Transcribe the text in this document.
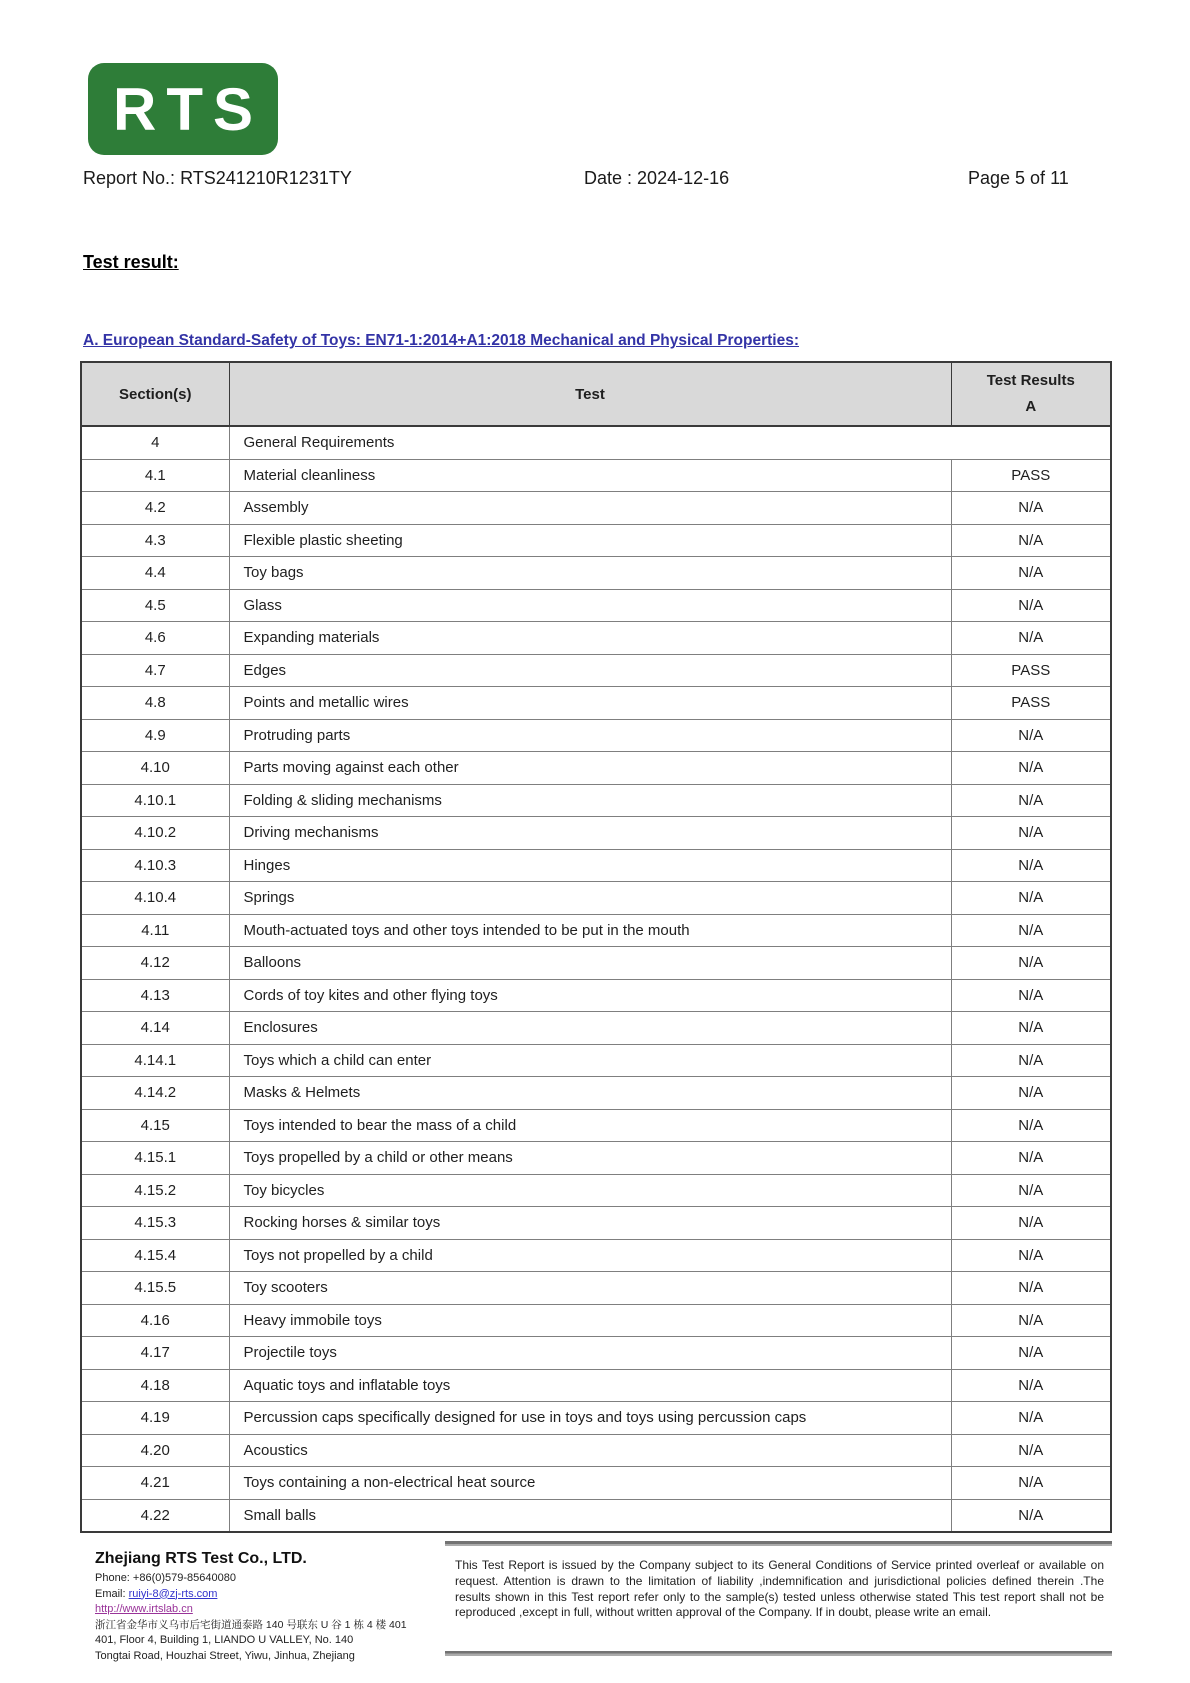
RTS
Report No.: RTS241210R1231TY	Date : 2024-12-16	Page 5 of 11
Test result:
A. European Standard-Safety of Toys: EN71-1:2014+A1:2018 Mechanical and Physical Properties:
Section(s)	Test	Test Results
A

4	General Requirements	
4.1	Material cleanliness	PASS
4.2	Assembly	N/A
4.3	Flexible plastic sheeting	N/A
4.4	Toy bags	N/A
4.5	Glass	N/A
4.6	Expanding materials	N/A
4.7	Edges	PASS
4.8	Points and metallic wires	PASS
4.9	Protruding parts	N/A
4.10	Parts moving against each other	N/A
4.10.1	Folding & sliding mechanisms	N/A
4.10.2	Driving mechanisms	N/A
4.10.3	Hinges	N/A
4.10.4	Springs	N/A
4.11	Mouth-actuated toys and other toys intended to be put in the mouth	N/A
4.12	Balloons	N/A
4.13	Cords of toy kites and other flying toys	N/A
4.14	Enclosures	N/A
4.14.1	Toys which a child can enter	N/A
4.14.2	Masks & Helmets	N/A
4.15	Toys intended to bear the mass of a child	N/A
4.15.1	Toys propelled by a child or other means	N/A
4.15.2	Toy bicycles	N/A
4.15.3	Rocking horses & similar toys	N/A
4.15.4	Toys not propelled by a child	N/A
4.15.5	Toy scooters	N/A
4.16	Heavy immobile toys	N/A
4.17	Projectile toys	N/A
4.18	Aquatic toys and inflatable toys	N/A
4.19	Percussion caps specifically designed for use in toys and toys using percussion caps	N/A
4.20	Acoustics	N/A
4.21	Toys containing a non-electrical heat source	N/A
4.22	Small balls	N/A
Zhejiang RTS Test Co., LTD.
Phone: +86(0)579-85640080
Email: ruiyi-8@zj-rts.com
http://www.irtslab.cn
浙江省金华市义乌市后宅街道通泰路 140 号联东 U 谷 1 栋 4 楼 401
401, Floor 4, Building 1, LIANDO U VALLEY, No. 140
Tongtai Road, Houzhai Street, Yiwu, Jinhua, Zhejiang
This Test Report is issued by the Company subject to its General Conditions of Service printed overleaf or available on request. Attention is drawn to the limitation of liability ,indemnification and jurisdictional policies defined therein .The results shown in this Test report refer only to the sample(s) tested unless otherwise stated This test report shall not be reproduced ,except in full, without written approval of the Company. If in doubt, please write an email.
